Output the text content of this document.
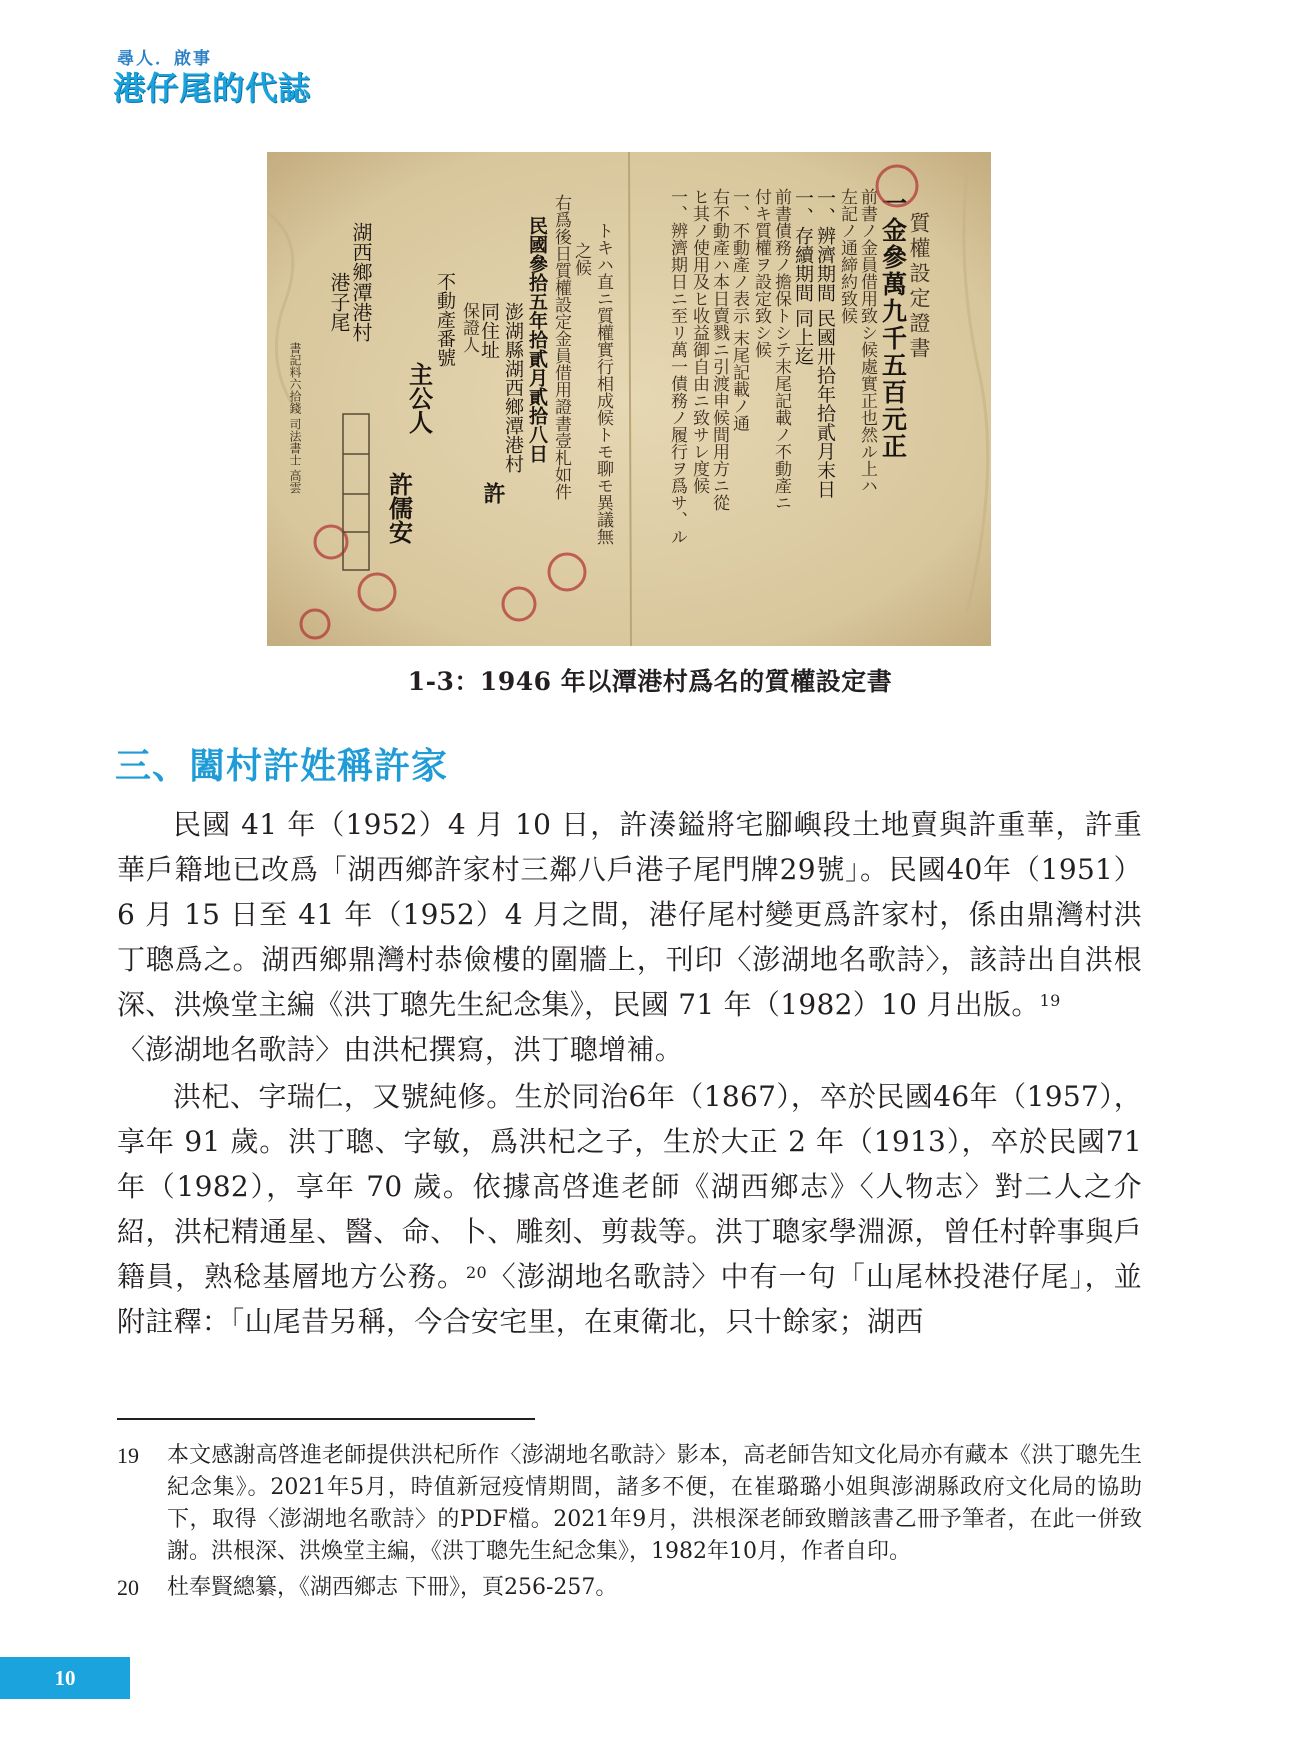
尋人．啟事
港仔尾的代誌
質權設定證書
一金參萬九千五百元正
前書ノ金員借用致シ候處實正也然ル上ハ
左記ノ通締約致候
一、辨濟期間 民國卅拾年拾貳月末日
一、存續期間 同上迄
前書債務ノ擔保トシテ末尾記載ノ不動產ニ
付キ質權ヲ設定致シ候
一、不動產ノ表示 末尾記載ノ通
右不動產ハ本日賣戮ニ引渡申候間用方ニ從
ヒ其ノ使用及ヒ收益御自由ニ致サレ度候
一、辨濟期日ニ至リ萬一債務ノ履行ヲ爲サ、ル
トキハ直ニ質權實行相成候トモ聊モ異議無
之候
右爲後日質權設定金員借用證書壹札如件
民國參拾五年拾貳月貳拾八日
澎湖縣湖西鄉潭港村
同住址
保證人
不動產番號
主公人
湖西鄉潭港村
港子尾
許
許儒安
書記料六拾錢 司法書士 高雲
1-3：1946 年以潭港村爲名的質權設定書
三、闔村許姓稱許家

民國 41 年（1952）4 月 10 日，許湊鎰將宅腳嶼段土地賣與許重華，許重華戶籍地已改爲「湖西鄉許家村三鄰八戶港子尾門牌29號」。民國40年（1951）6 月 15 日至 41 年（1952）4 月之間，港仔尾村變更爲許家村，係由鼎灣村洪丁聰爲之。湖西鄉鼎灣村恭儉樓的圍牆上，刊印〈澎湖地名歌詩〉，該詩出自洪根深、洪煥堂主編《洪丁聰先生紀念集》，民國 71 年（1982）10 月出版。$^{19}$
〈澎湖地名歌詩〉由洪杞撰寫，洪丁聰增補。

洪杞、字瑞仁，又號純修。生於同治6年（1867），卒於民國46年（1957），享年 91 歲。洪丁聰、字敏，爲洪杞之子，生於大正 2 年（1913），卒於民國71 年（1982），享年 70 歲。依據高啓進老師《湖西鄉志》〈人物志〉對二人之介紹，洪杞精通星、醫、命、卜、雕刻、剪裁等。洪丁聰家學淵源，曾任村幹事與戶籍員，熟稔基層地方公務。$^{20}$〈澎湖地名歌詩〉中有一句「山尾林投港仔尾」，並附註釋：「山尾昔另稱，今合安宅里，在東衛北，只十餘家；湖西

19	本文感謝高啓進老師提供洪杞所作〈澎湖地名歌詩〉影本，高老師告知文化局亦有藏本《洪丁聰先生紀念集》。2021年5月，時值新冠疫情期間，諸多不便，在崔璐璐小姐與澎湖縣政府文化局的協助下，取得〈澎湖地名歌詩〉的PDF檔。2021年9月，洪根深老師致贈該書乙冊予筆者，在此一併致謝。洪根深、洪煥堂主編，《洪丁聰先生紀念集》，1982年10月，作者自印。
20	杜奉賢總纂，《湖西鄉志 下冊》，頁256-257。
10
